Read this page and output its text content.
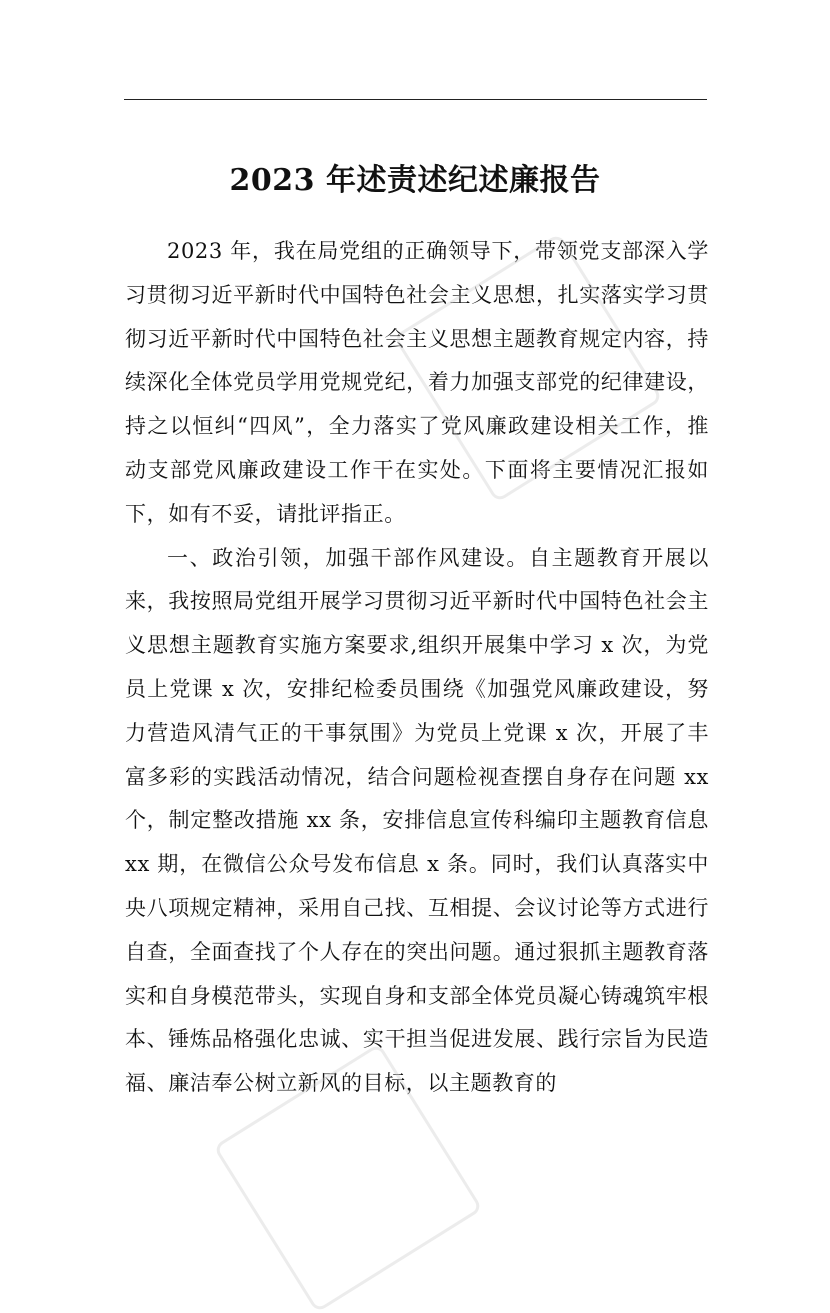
2023 年述责述纪述廉报告

2023 年，我在局党组的正确领导下，带领党支部深入学习贯彻习近平新时代中国特色社会主义思想，扎实落实学习贯彻习近平新时代中国特色社会主义思想主题教育规定内容，持续深化全体党员学用党规党纪，着力加强支部党的纪律建设，持之以恒纠“四风”，全力落实了党风廉政建设相关工作，推动支部党风廉政建设工作干在实处。下面将主要情况汇报如下，如有不妥，请批评指正。

一、政治引领，加强干部作风建设。自主题教育开展以来，我按照局党组开展学习贯彻习近平新时代中国特色社会主义思想主题教育实施方案要求,组织开展集中学习 x 次，为党员上党课 x 次，安排纪检委员围绕《加强党风廉政建设，努力营造风清气正的干事氛围》为党员上党课 x 次，开展了丰富多彩的实践活动情况，结合问题检视查摆自身存在问题 xx 个，制定整改措施 xx 条，安排信息宣传科编印主题教育信息 xx 期，在微信公众号发布信息 x 条。同时，我们认真落实中央八项规定精神，采用自己找、互相提、会议讨论等方式进行自查，全面查找了个人存在的突出问题。通过狠抓主题教育落实和自身模范带头，实现自身和支部全体党员凝心铸魂筑牢根本、锤炼品格强化忠诚、实干担当促进发展、践行宗旨为民造福、廉洁奉公树立新风的目标，以主题教育的
